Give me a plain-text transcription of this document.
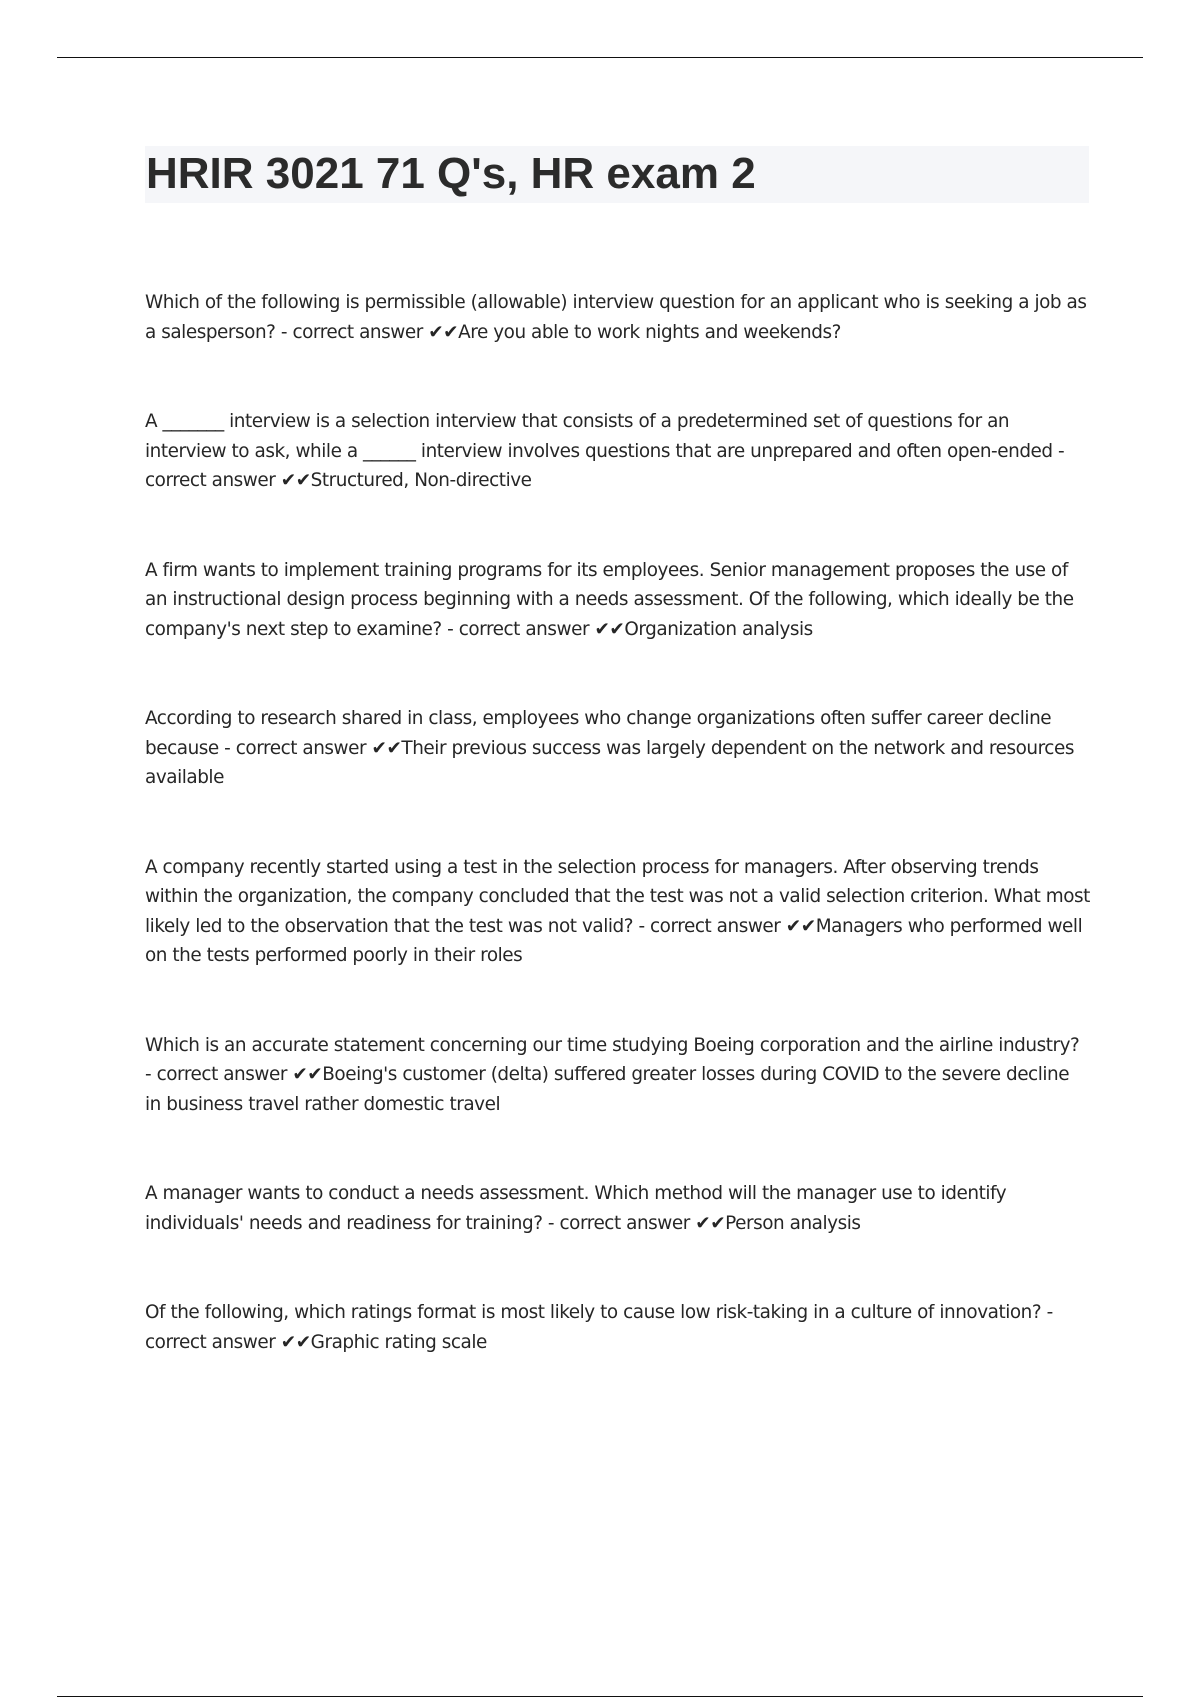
HRIR 3021 71 Q's, HR exam 2

Which of the following is permissible (allowable) interview question for an applicant who is seeking a job as a salesperson? - correct answer ✔✔Are you able to work nights and weekends?

A _______ interview is a selection interview that consists of a predetermined set of questions for an interview to ask, while a ______ interview involves questions that are unprepared and often open-ended - correct answer ✔✔Structured, Non-directive

A firm wants to implement training programs for its employees. Senior management proposes the use of an instructional design process beginning with a needs assessment. Of the following, which ideally be the company's next step to examine? - correct answer ✔✔Organization analysis

According to research shared in class, employees who change organizations often suffer career decline because - correct answer ✔✔Their previous success was largely dependent on the network and resources available

A company recently started using a test in the selection process for managers. After observing trends within the organization, the company concluded that the test was not a valid selection criterion. What most likely led to the observation that the test was not valid? - correct answer ✔✔Managers who performed well on the tests performed poorly in their roles

Which is an accurate statement concerning our time studying Boeing corporation and the airline industry? - correct answer ✔✔Boeing's customer (delta) suffered greater losses during COVID to the severe decline in business travel rather domestic travel

A manager wants to conduct a needs assessment. Which method will the manager use to identify individuals' needs and readiness for training? - correct answer ✔✔Person analysis

Of the following, which ratings format is most likely to cause low risk-taking in a culture of innovation? - correct answer ✔✔Graphic rating scale
